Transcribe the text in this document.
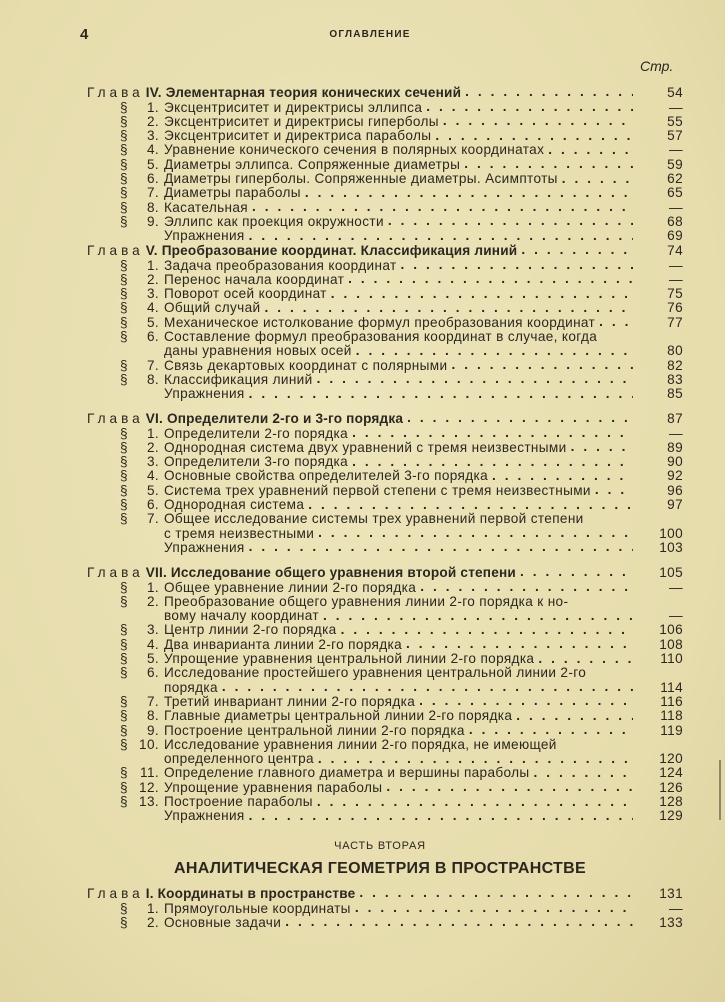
4	ОГЛАВЛЕНИЕ
Стр.
Глава IV. Элементарная теория конических сечений . . .	54
§	1. Эксцентриситет и директрисы эллипса . . .	—
§	2. Эксцентриситет и директрисы гиперболы . . .	55
§	3. Эксцентриситет и директриса параболы . . .	57
§	4. Уравнение конического сечения в полярных координатах . . .	—
§	5. Диаметры эллипса. Сопряженные диаметры . . .	59
§	6. Диаметры гиперболы. Сопряженные диаметры. Асимптоты . . .	62
§	7. Диаметры параболы . . .	65
§	8. Касательная . . .	—
§	9. Эллипс как проекция окружности . . .	68
Упражнения . . .	69
Глава V. Преобразование координат. Классификация линий . . .	74
§	1. Задача преобразования координат . . .	—
§	2. Перенос начала координат . . .	—
§	3. Поворот осей координат . . .	75
§	4. Общий случай . . .	76
§	5. Механическое истолкование формул преобразования координат . . .	77
§	6. Составление формул преобразования координат в случае, когда
даны уравнения новых осей . . .	80
§	7. Связь декартовых координат с полярными . . .	82
§	8. Классификация линий . . .	83
Упражнения . . .	85
Глава VI. Определители 2-го и 3-го порядка . . .	87
§	1. Определители 2-го порядка . . .	—
§	2. Однородная система двух уравнений с тремя неизвестными . . .	89
§	3. Определители 3-го порядка . . .	90
§	4. Основные свойства определителей 3-го порядка . . .	92
§	5. Система трех уравнений первой степени с тремя неизвестными . . .	96
§	6. Однородная система . . .	97
§	7. Общее исследование системы трех уравнений первой степени
с тремя неизвестными . . .	100
Упражнения . . .	103
Глава VII. Исследование общего уравнения второй степени . . .	105
§	1. Общее уравнение линии 2-го порядка . . .	—
§	2. Преобразование общего уравнения линии 2-го порядка к но-
вому началу координат . . .	—
§	3. Центр линии 2-го порядка . . .	106
§	4. Два инварианта линии 2-го порядка . . .	108
§	5. Упрощение уравнения центральной линии 2-го порядка . . .	110
§	6. Исследование простейшего уравнения центральной линии 2-го
порядка . . .	114
§	7. Третий инвариант линии 2-го порядка . . .	116
§	8. Главные диаметры центральной линии 2-го порядка . . .	118
§	9. Построение центральной линии 2-го порядка . . .	119
§ 10. Исследование уравнения линии 2-го порядка, не имеющей
определенного центра . . .	120
§ 11. Определение главного диаметра и вершины параболы . . .	124
§ 12. Упрощение уравнения параболы . . .	126
§ 13. Построение параболы . . .	128
Упражнения . . .	129
Глава I. Координаты в пространстве . . .	131
§	1. Прямоугольные координаты . . .	—
§	2. Основные задачи . . .	133
ЧАСТЬ ВТОРАЯ
АНАЛИТИЧЕСКАЯ ГЕОМЕТРИЯ В ПРОСТРАНСТВЕ
